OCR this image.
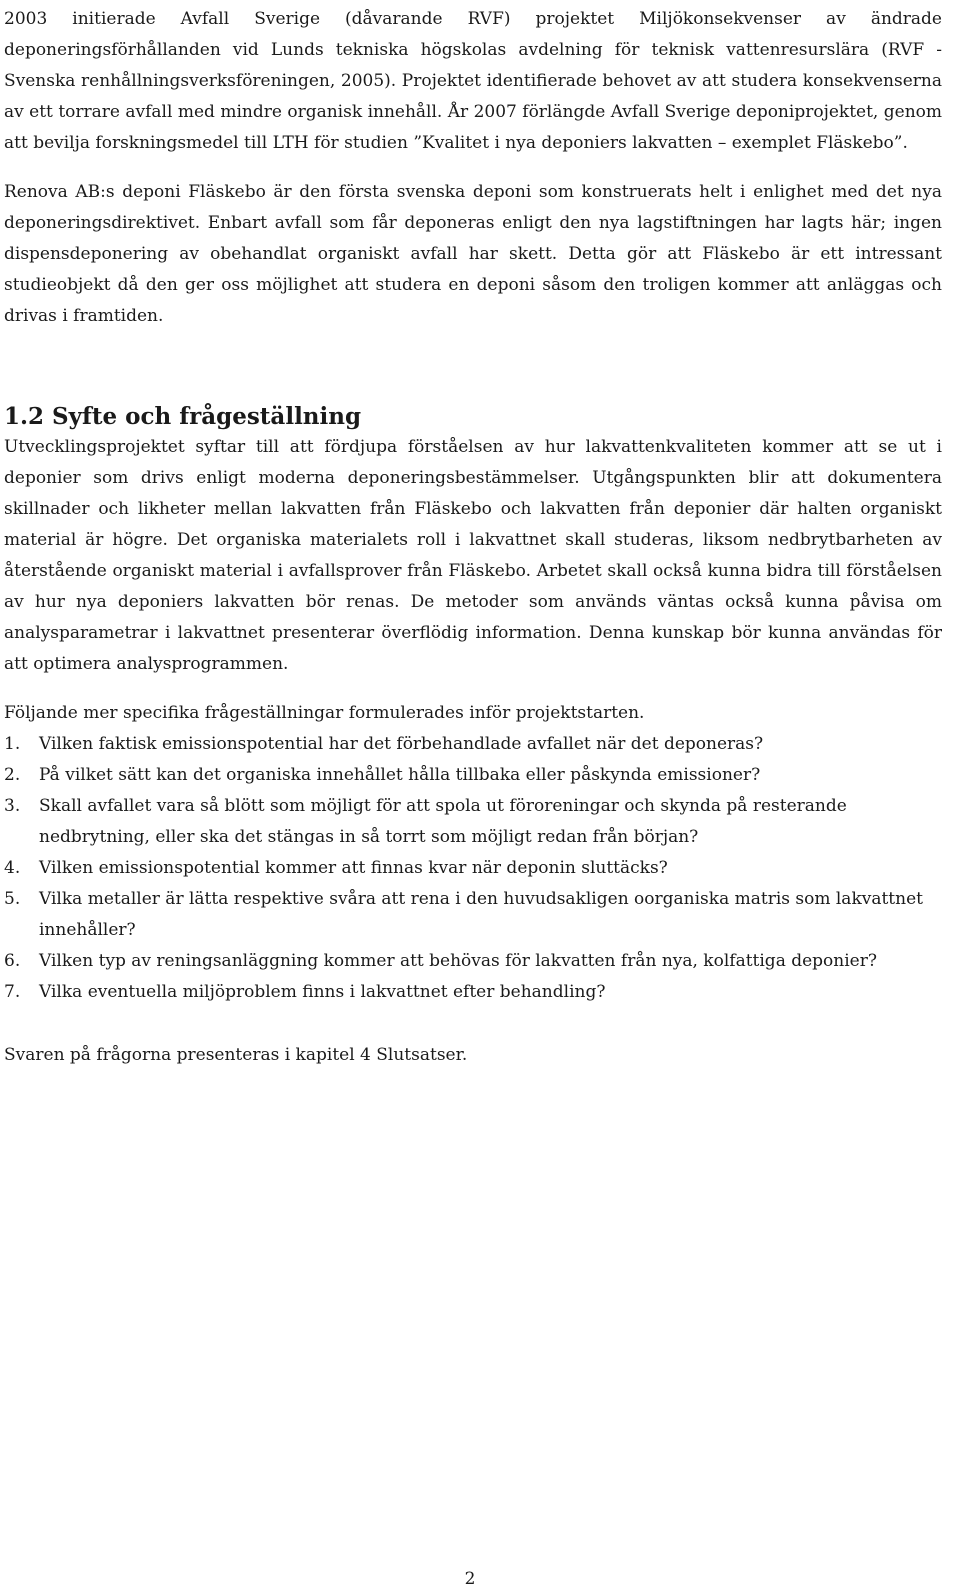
2003 initierade Avfall Sverige (dåvarande RVF) projektet Miljökonsekvenser av ändrade deponeringsförhållanden vid Lunds tekniska högskolas avdelning för teknisk vattenresurslära (RVF - Svenska renhållningsverksföreningen, 2005). Projektet identifierade behovet av att studera konsekvenserna av ett torrare avfall med mindre organisk innehåll. År 2007 förlängde Avfall Sverige deponiprojektet, genom att bevilja forskningsmedel till LTH för studien ”Kvalitet i nya deponiers lakvatten – exemplet Fläskebo”.

Renova AB:s deponi Fläskebo är den första svenska deponi som konstruerats helt i enlighet med det nya deponeringsdirektivet. Enbart avfall som får deponeras enligt den nya lagstiftningen har lagts här; ingen dispensdeponering av obehandlat organiskt avfall har skett. Detta gör att Fläskebo är ett intressant studieobjekt då den ger oss möjlighet att studera en deponi såsom den troligen kommer att anläggas och drivas i framtiden.

1.2 Syfte och frågeställning

Utvecklingsprojektet syftar till att fördjupa förståelsen av hur lakvattenkvaliteten kommer att se ut i deponier som drivs enligt moderna deponeringsbestämmelser. Utgångspunkten blir att dokumentera skillnader och likheter mellan lakvatten från Fläskebo och lakvatten från deponier där halten organiskt material är högre. Det organiska materialets roll i lakvattnet skall studeras, liksom nedbrytbarheten av återstående organiskt material i avfallsprover från Fläskebo. Arbetet skall också kunna bidra till förståelsen av hur nya deponiers lakvatten bör renas. De metoder som används väntas också kunna påvisa om analysparametrar i lakvattnet presenterar överflödig information. Denna kunskap bör kunna användas för att optimera analysprogrammen.

Följande mer specifika frågeställningar formulerades inför projektstarten.

1. Vilken faktisk emissionspotential har det förbehandlade avfallet när det deponeras?
2. På vilket sätt kan det organiska innehållet hålla tillbaka eller påskynda emissioner?
3. Skall avfallet vara så blött som möjligt för att spola ut föroreningar och skynda på resterande nedbrytning, eller ska det stängas in så torrt som möjligt redan från början?
4. Vilken emissionspotential kommer att finnas kvar när deponin sluttäcks?
5. Vilka metaller är lätta respektive svåra att rena i den huvudsakligen oorganiska matris som lakvattnet innehåller?
6. Vilken typ av reningsanläggning kommer att behövas för lakvatten från nya, kolfattiga deponier?
7. Vilka eventuella miljöproblem finns i lakvattnet efter behandling?

Svaren på frågorna presenteras i kapitel 4 Slutsatser.

2
